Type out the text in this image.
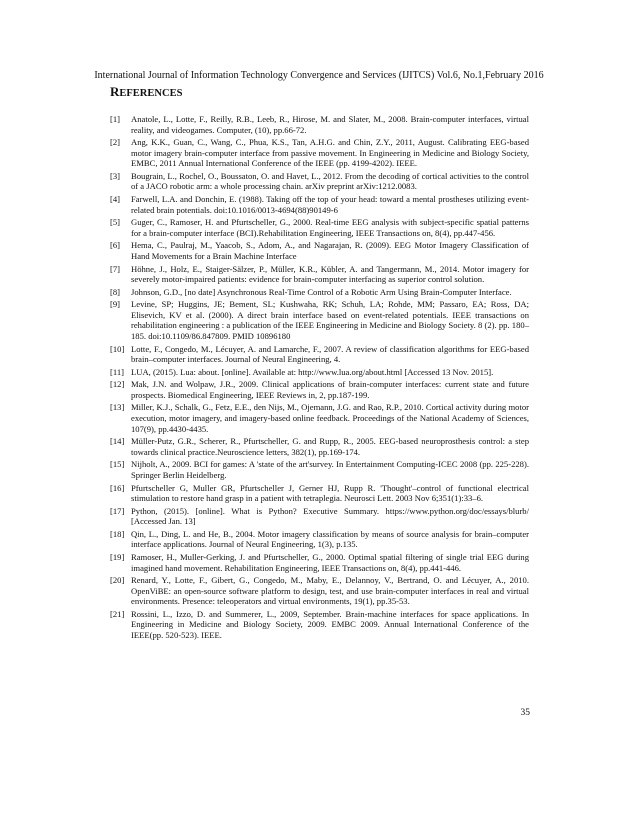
International Journal of Information Technology Convergence and Services (IJITCS) Vol.6, No.1,February 2016
REFERENCES
[1] Anatole, L., Lotte, F., Reilly, R.B., Leeb, R., Hirose, M. and Slater, M., 2008. Brain-computer interfaces, virtual reality, and videogames. Computer, (10), pp.66-72.
[2] Ang, K.K., Guan, C., Wang, C., Phua, K.S., Tan, A.H.G. and Chin, Z.Y., 2011, August. Calibrating EEG-based motor imagery brain-computer interface from passive movement. In Engineering in Medicine and Biology Society, EMBC, 2011 Annual International Conference of the IEEE (pp. 4199-4202). IEEE.
[3] Bougrain, L., Rochel, O., Boussaton, O. and Havet, L., 2012. From the decoding of cortical activities to the control of a JACO robotic arm: a whole processing chain. arXiv preprint arXiv:1212.0083.
[4] Farwell, L.A. and Donchin, E. (1988). Taking off the top of your head: toward a mental prostheses utilizing event-related brain potentials. doi:10.1016/0013-4694(88)90149-6
[5] Guger, C., Ramoser, H. and Pfurtscheller, G., 2000. Real-time EEG analysis with subject-specific spatial patterns for a brain-computer interface (BCI).Rehabilitation Engineering, IEEE Transactions on, 8(4), pp.447-456.
[6] Hema, C., Paulraj, M., Yaacob, S., Adom, A., and Nagarajan, R. (2009). EEG Motor Imagery Classification of Hand Movements for a Brain Machine Interface
[7] Höhne, J., Holz, E., Staiger-Sälzer, P., Müller, K.R., Kübler, A. and Tangermann, M., 2014. Motor imagery for severely motor-impaired patients: evidence for brain-computer interfacing as superior control solution.
[8] Johnson, G.D., [no date] Asynchronous Real-Time Control of a Robotic Arm Using Brain-Computer Interface.
[9] Levine, SP; Huggins, JE; Bement, SL; Kushwaha, RK; Schuh, LA; Rohde, MM; Passaro, EA; Ross, DA; Elisevich, KV et al. (2000). A direct brain interface based on event-related potentials. IEEE transactions on rehabilitation engineering : a publication of the IEEE Engineering in Medicine and Biology Society. 8 (2). pp. 180–185. doi:10.1109/86.847809. PMID 10896180
[10] Lotte, F., Congedo, M., Lécuyer, A. and Lamarche, F., 2007. A review of classification algorithms for EEG-based brain–computer interfaces. Journal of Neural Engineering, 4.
[11] LUA, (2015). Lua: about. [online]. Available at: http://www.lua.org/about.html [Accessed 13 Nov. 2015].
[12] Mak, J.N. and Wolpaw, J.R., 2009. Clinical applications of brain-computer interfaces: current state and future prospects. Biomedical Engineering, IEEE Reviews in, 2, pp.187-199.
[13] Miller, K.J., Schalk, G., Fetz, E.E., den Nijs, M., Ojemann, J.G. and Rao, R.P., 2010. Cortical activity during motor execution, motor imagery, and imagery-based online feedback. Proceedings of the National Academy of Sciences, 107(9), pp.4430-4435.
[14] Müller-Putz, G.R., Scherer, R., Pfurtscheller, G. and Rupp, R., 2005. EEG-based neuroprosthesis control: a step towards clinical practice.Neuroscience letters, 382(1), pp.169-174.
[15] Nijholt, A., 2009. BCI for games: A 'state of the art'survey. In Entertainment Computing-ICEC 2008 (pp. 225-228). Springer Berlin Heidelberg.
[16] Pfurtscheller G, Muller GR, Pfurtscheller J, Gerner HJ, Rupp R. 'Thought'–control of functional electrical stimulation to restore hand grasp in a patient with tetraplegia. Neurosci Lett. 2003 Nov 6;351(1):33–6.
[17] Python, (2015). [online]. What is Python? Executive Summary. https://www.python.org/doc/essays/blurb/ [Accessed Jan. 13]
[18] Qin, L., Ding, L. and He, B., 2004. Motor imagery classification by means of source analysis for brain–computer interface applications. Journal of Neural Engineering, 1(3), p.135.
[19] Ramoser, H., Muller-Gerking, J. and Pfurtscheller, G., 2000. Optimal spatial filtering of single trial EEG during imagined hand movement. Rehabilitation Engineering, IEEE Transactions on, 8(4), pp.441-446.
[20] Renard, Y., Lotte, F., Gibert, G., Congedo, M., Maby, E., Delannoy, V., Bertrand, O. and Lécuyer, A., 2010. OpenViBE: an open-source software platform to design, test, and use brain-computer interfaces in real and virtual environments. Presence: teleoperators and virtual environments, 19(1), pp.35-53.
[21] Rossini, L., Izzo, D. and Summerer, L., 2009, September. Brain-machine interfaces for space applications. In Engineering in Medicine and Biology Society, 2009. EMBC 2009. Annual International Conference of the IEEE(pp. 520-523). IEEE.
35
